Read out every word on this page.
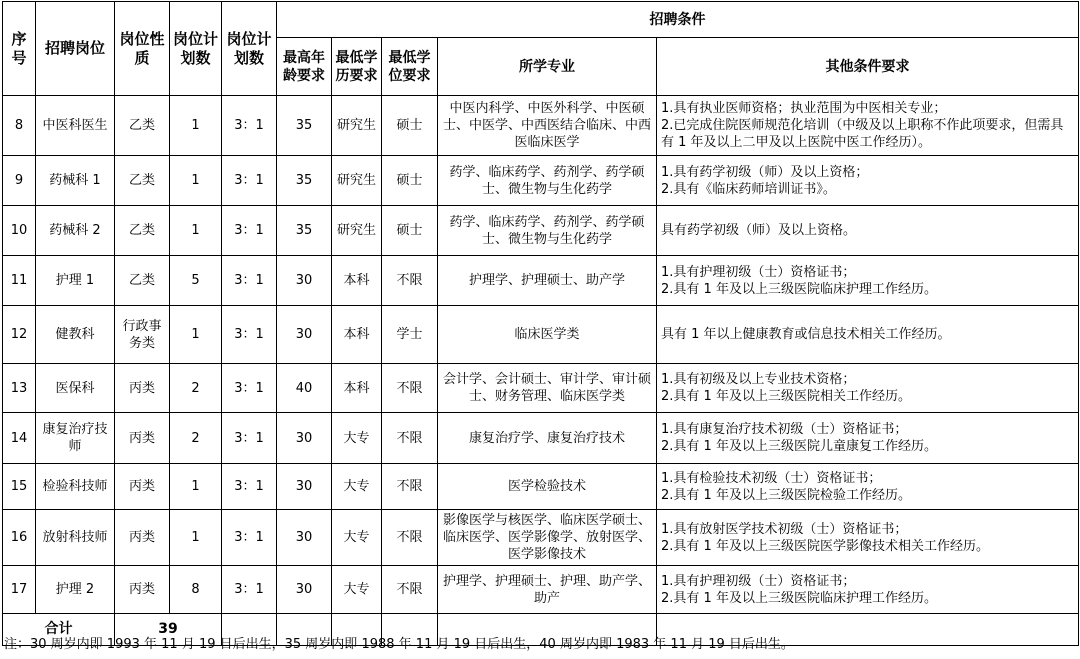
序号	招聘岗位	岗位性质	岗位计划数	岗位计划数	招聘条件				
					最高年龄要求	最低学历要求	最低学位要求	所学专业	其他条件要求
8	中医科医生	乙类	1	3：1	35	研究生	硕士	中医内科学、中医外科学、中医硕士、中医学、中西医结合临床、中西医临床医学	1.具有执业医师资格；执业范围为中医相关专业；
2.已完成住院医师规范化培训（中级及以上职称不作此项要求，但需具有 1 年及以上二甲及以上医院中医工作经历）。

9	药械科 1	乙类	1	3：1	35	研究生	硕士	药学、临床药学、药剂学、药学硕士、微生物与生化药学	1.具有药学初级（师）及以上资格；
2.具有《临床药师培训证书》。

10	药械科 2	乙类	1	3：1	35	研究生	硕士	药学、临床药学、药剂学、药学硕士、微生物与生化药学	具有药学初级（师）及以上资格。

11	护理 1	乙类	5	3：1	30	本科	不限	护理学、护理硕士、助产学	1.具有护理初级（士）资格证书；
2.具有 1 年及以上三级医院临床护理工作经历。

12	健教科	行政事务类	1	3：1	30	本科	学士	临床医学类	具有 1 年以上健康教育或信息技术相关工作经历。

13	医保科	丙类	2	3：1	40	本科	不限	会计学、会计硕士、审计学、审计硕士、财务管理、临床医学类	1.具有初级及以上专业技术资格；
2.具有 1 年及以上三级医院相关工作经历。

14	康复治疗技师	丙类	2	3：1	30	大专	不限	康复治疗学、康复治疗技术	1.具有康复治疗技术初级（士）资格证书；
2.具有 1 年及以上三级医院儿童康复工作经历。

15	检验科技师	丙类	1	3：1	30	大专	不限	医学检验技术	1.具有检验技术初级（士）资格证书；
2.具有 1 年及以上三级医院检验工作经历。

16	放射科技师	丙类	1	3：1	30	大专	不限	影像医学与核医学、临床医学硕士、临床医学、医学影像学、放射医学、医学影像技术	1.具有放射医学技术初级（士）资格证书；
2.具有 1 年及以上三级医院医学影像技术相关工作经历。

17	护理 2	丙类	8	3：1	30	大专	不限	护理学、护理硕士、护理、助产学、助产	1.具有护理初级（士）资格证书；
2.具有 1 年及以上三级医院临床护理工作经历。

合计		39							
注：30 周岁内即 1993 年 11 月 19 日后出生，35 周岁内即 1988 年 11 月 19 日后出生，40 周岁内即 1983 年 11 月 19 日后出生。
